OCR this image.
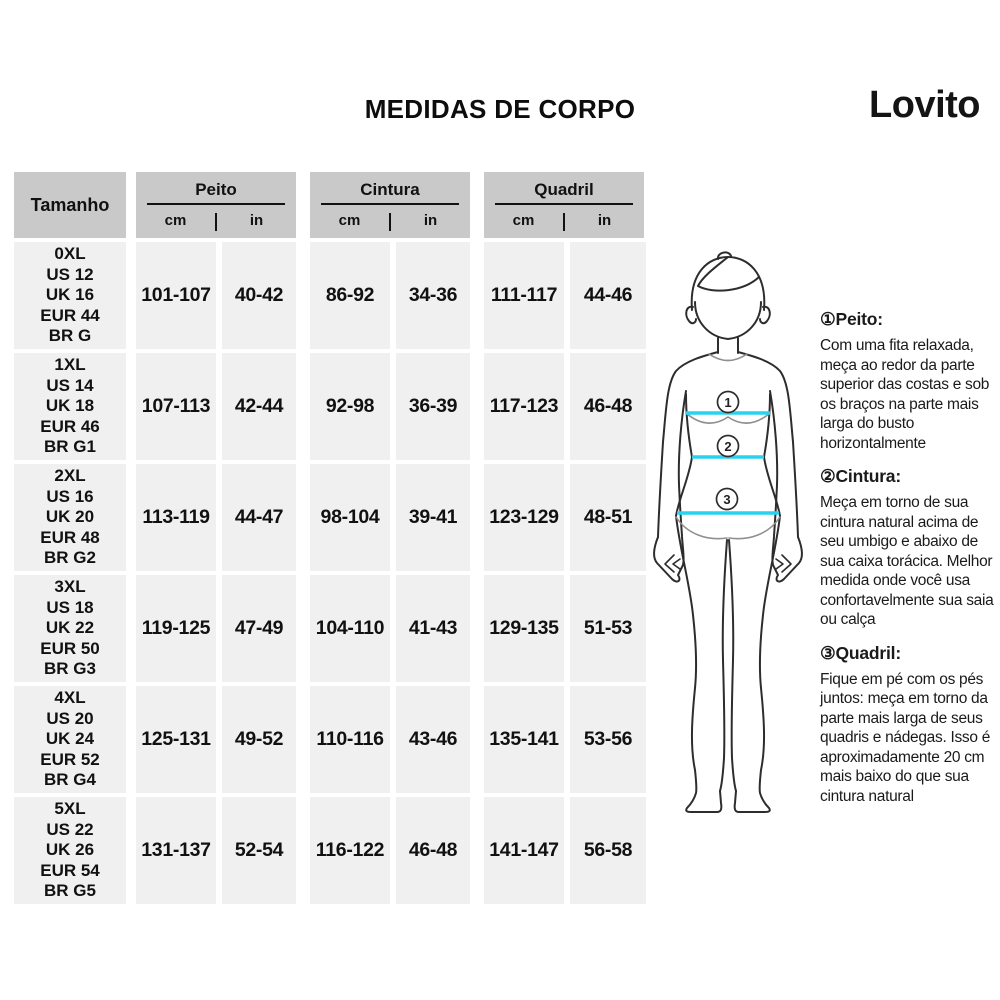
MEDIDAS DE CORPO	Lovito
Tamanho
Peito
cm	in
Cintura
cm	in
Quadril
cm	in
0XL
US 12
UK 16
EUR 44
BR G
101-107	40-42	86-92	34-36	111-117	44-46
1XL
US 14
UK 18
EUR 46
BR G1
107-113	42-44	92-98	36-39	117-123	46-48
2XL
US 16
UK 20
EUR 48
BR G2
113-119	44-47	98-104	39-41	123-129	48-51
3XL
US 18
UK 22
EUR 50
BR G3
119-125	47-49	104-110	41-43	129-135	51-53
4XL
US 20
UK 24
EUR 52
BR G4
125-131	49-52	110-116	43-46	135-141	53-56
5XL
US 22
UK 26
EUR 54
BR G5
131-137	52-54	116-122	46-48	141-147	56-58
1
2
3
①Peito:

Com uma fita relaxada, meça ao redor da parte superior das costas e sob os braços na parte mais larga do busto horizontalmente

②Cintura:

Meça em torno de sua cintura natural acima de seu umbigo e abaixo de sua caixa torácica. Melhor medida onde você usa confortavelmente sua saia ou calça

③Quadril:

Fique em pé com os pés juntos: meça em torno da parte mais larga de seus quadris e nádegas. Isso é aproximadamente 20 cm mais baixo do que sua cintura natural
